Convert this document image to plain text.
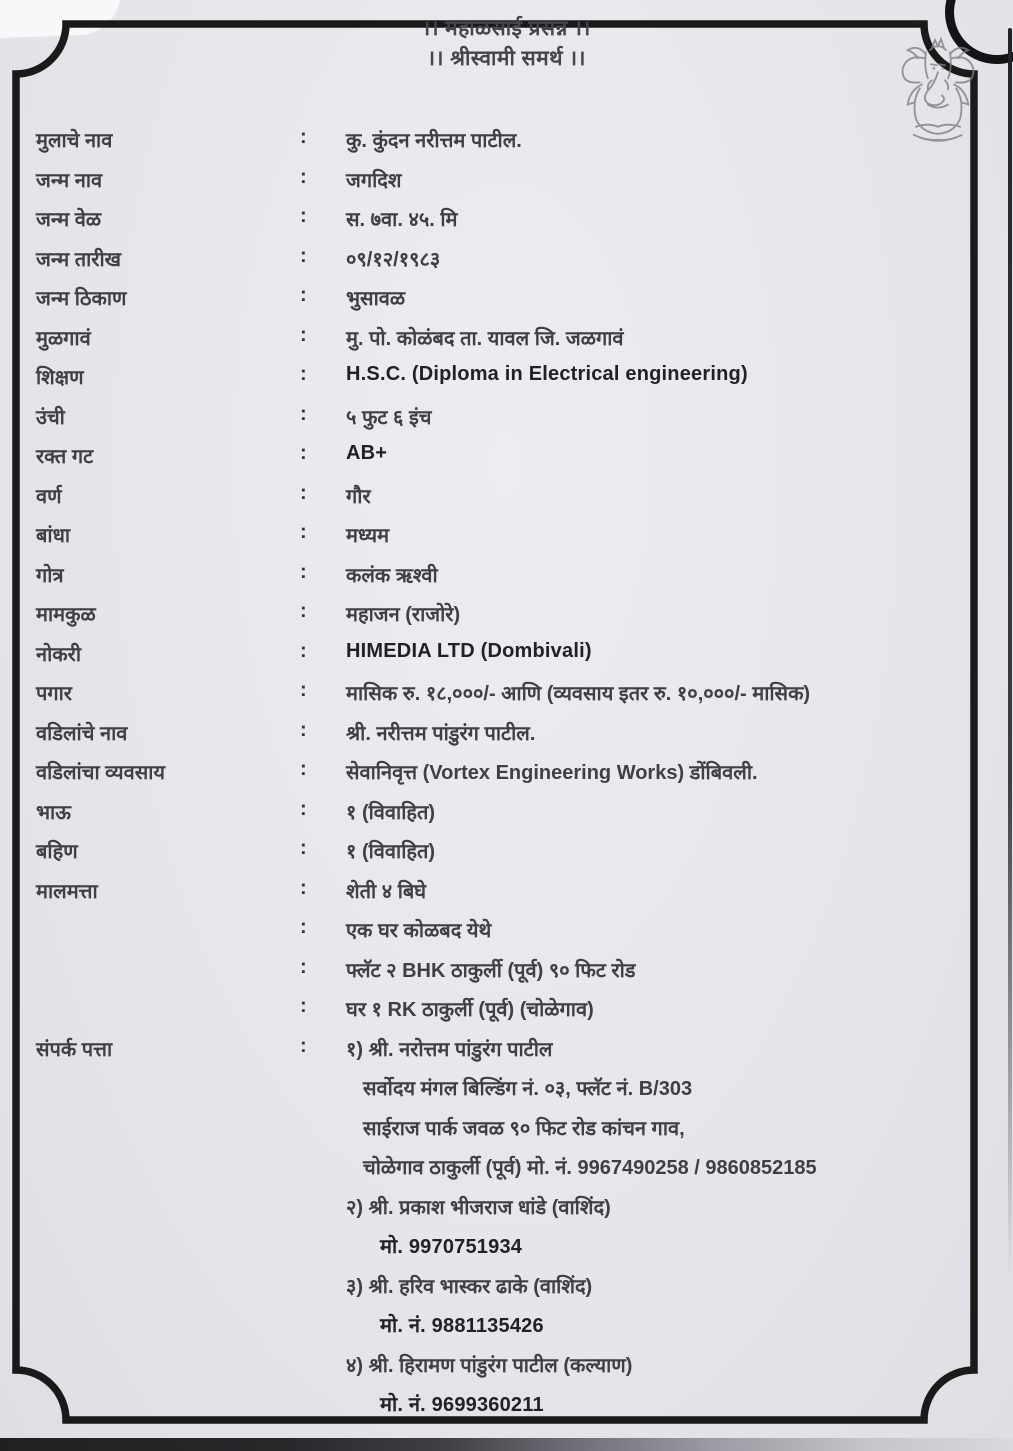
।। महाळसाई प्रसन्न ।।
।। श्रीस्वामी समर्थ ।।
मुलाचे नाव	:	कु. कुंदन नरीत्तम पाटील.
जन्म नाव	:	जगदिश
जन्म वेळ	:	स. ७वा. ४५. मि
जन्म तारीख	:	०९/१२/१९८३
जन्म ठिकाण	:	भुसावळ
मुळगावं	:	मु. पो. कोळंबद ता. यावल जि. जळगावं
शिक्षण	:	H.S.C. (Diploma in Electrical engineering)
उंची	:	५ फुट ६ इंच
रक्त गट	:	AB+
वर्ण	:	गौर
बांधा	:	मध्यम
गोत्र	:	कलंक ऋश्वी
मामकुळ	:	महाजन (राजोरे)
नोकरी	:	HIMEDIA LTD (Dombivali)
पगार	:	मासिक रु. १८,०००/- आणि (व्यवसाय इतर रु. १०,०००/- मासिक)
वडिलांचे नाव	:	श्री. नरीत्तम पांडुरंग पाटील.
वडिलांचा व्यवसाय	:	सेवानिवृत्त (Vortex Engineering Works) डोंबिवली.
भाऊ	:	१ (विवाहित)
बहिण	:	१ (विवाहित)
मालमत्ता	:	शेती ४ बिघे
:	एक घर कोळबद येथे
:	फ्लॅट २ BHK ठाकुर्ली (पूर्व) ९० फिट रोड
:	घर १ RK ठाकुर्ली (पूर्व) (चोळेगाव)
संपर्क पत्ता	:	१) श्री. नरोत्तम पांडुरंग पाटील
सर्वोदय मंगल बिल्डिंग नं. ०३, फ्लॅट नं. B/303
साईराज पार्क जवळ ९० फिट रोड कांचन गाव,
चोळेगाव ठाकुर्ली (पूर्व) मो. नं. 9967490258 / 9860852185
२) श्री. प्रकाश भीजराज धांडे (वाशिंद)
मो. 9970751934
३) श्री. हरिव भास्कर ढाके (वाशिंद)
मो. नं. 9881135426
४) श्री. हिरामण पांडुरंग पाटील (कल्याण)
मो. नं. 9699360211
